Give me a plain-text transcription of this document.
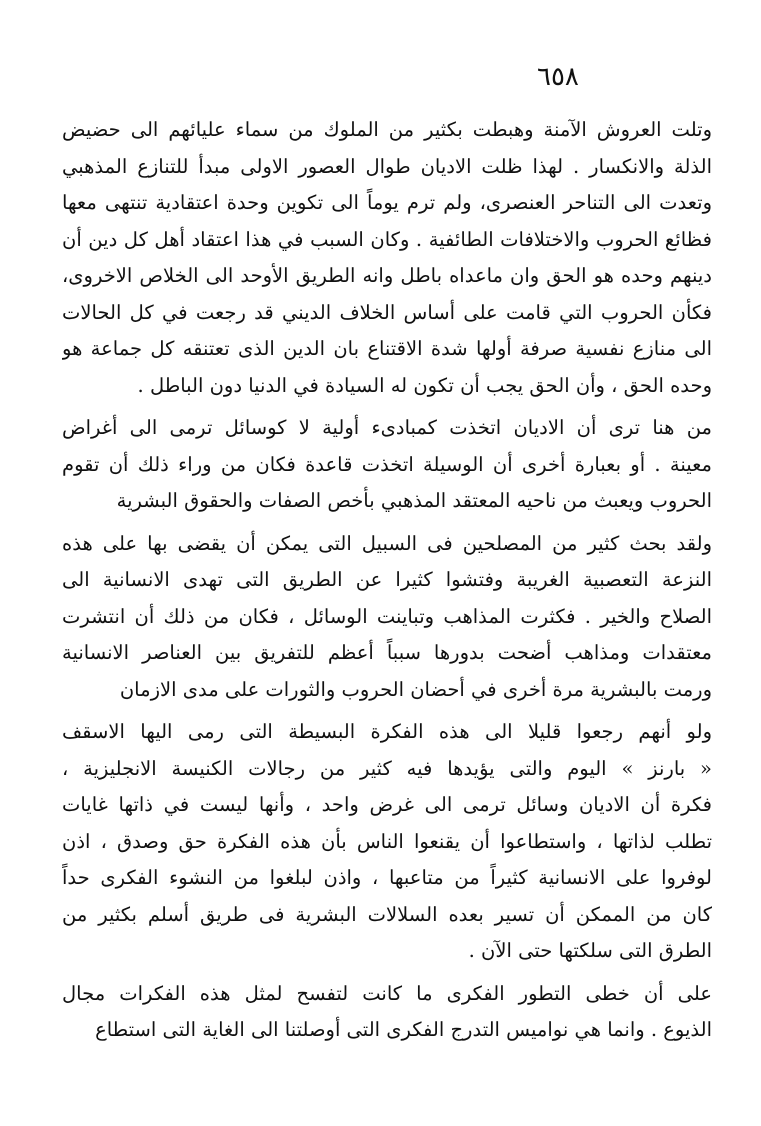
٦٥٨
وتلت العروش الآمنة وهبطت بكثير من الملوك من سماء عليائهم الى حضيض
الذلة والانكسار . لهذا ظلت الاديان طوال العصور الاولى مبدأ للتنازع المذهبي
وتعدت الى التناحر العنصرى، ولم ترم يوماً الى تكوين وحدة اعتقادية تنتهى معها
فظائع الحروب والاختلافات الطائفية . وكان السبب في هذا اعتقاد أهل كل دين أن
دينهم وحده هو الحق وان ماعداه باطل وانه الطريق الأوحد الى الخلاص الاخروى،
فكأن الحروب التي قامت على أساس الخلاف الديني قد رجعت في كل الحالات
الى منازع نفسية صرفة أولها شدة الاقتناع بان الدين الذى تعتنقه كل جماعة هو
وحده الحق ، وأن الحق يجب أن تكون له السيادة في الدنيا دون الباطل .
من هنا ترى أن الاديان اتخذت كمبادىء أولية لا كوسائل ترمى الى أغراض
معينة . أو بعبارة أخرى أن الوسيلة اتخذت قاعدة فكان من وراء ذلك أن تقوم
الحروب ويعبث من ناحيه المعتقد المذهبي بأخص الصفات والحقوق البشرية
ولقد بحث كثير من المصلحين فى السبيل التى يمكن أن يقضى بها على هذه
النزعة التعصبية الغريبة وفتشوا كثيرا عن الطريق التى تهدى الانسانية الى
الصلاح والخير . فكثرت المذاهب وتباينت الوسائل ، فكان من ذلك أن انتشرت
معتقدات ومذاهب أضحت بدورها سبباً أعظم للتفريق بين العناصر الانسانية
ورمت بالبشرية مرة أخرى في أحضان الحروب والثورات على مدى الازمان
ولو أنهم رجعوا قليلا الى هذه الفكرة البسيطة التى رمى اليها الاسقف
« بارنز » اليوم والتى يؤيدها فيه كثير من رجالات الكنيسة الانجليزية ،
فكرة أن الاديان وسائل ترمى الى غرض واحد ، وأنها ليست في ذاتها غايات
تطلب لذاتها ، واستطاعوا أن يقنعوا الناس بأن هذه الفكرة حق وصدق ، اذن
لوفروا على الانسانية كثيراً من متاعبها ، واذن لبلغوا من النشوء الفكرى حداً
كان من الممكن أن تسير بعده السلالات البشرية فى طريق أسلم بكثير من
الطرق التى سلكتها حتى الآن .
على أن خطى التطور الفكرى ما كانت لتفسح لمثل هذه الفكرات مجال
الذيوع . وانما هي نواميس التدرج الفكرى التى أوصلتنا الى الغاية التى استطاع
